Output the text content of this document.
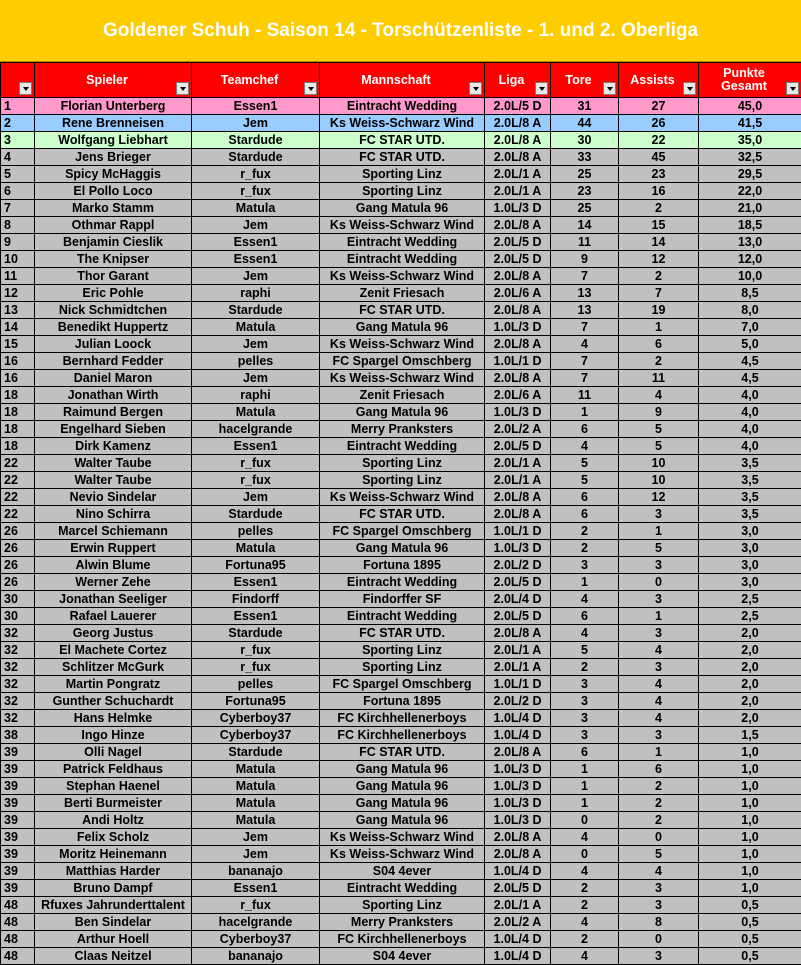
Goldener Schuh - Saison 14 - Torschützenliste - 1. und 2. Oberliga
	Spieler	Teamchef	Mannschaft	Liga	Tore	Assists	Punkte Gesamt

1	Florian Unterberg	Essen1	Eintracht Wedding	2.0L/5 D	31	27	45,0
2	Rene Brenneisen	Jem	Ks Weiss-Schwarz Wind	2.0L/8 A	44	26	41,5
3	Wolfgang Liebhart	Stardude	FC STAR UTD.	2.0L/8 A	30	22	35,0
4	Jens Brieger	Stardude	FC STAR UTD.	2.0L/8 A	33	45	32,5
5	Spicy McHaggis	r_fux	Sporting Linz	2.0L/1 A	25	23	29,5
6	El Pollo Loco	r_fux	Sporting Linz	2.0L/1 A	23	16	22,0
7	Marko Stamm	Matula	Gang Matula 96	1.0L/3 D	25	2	21,0
8	Othmar Rappl	Jem	Ks Weiss-Schwarz Wind	2.0L/8 A	14	15	18,5
9	Benjamin Cieslik	Essen1	Eintracht Wedding	2.0L/5 D	11	14	13,0
10	The Knipser	Essen1	Eintracht Wedding	2.0L/5 D	9	12	12,0
11	Thor Garant	Jem	Ks Weiss-Schwarz Wind	2.0L/8 A	7	2	10,0
12	Eric Pohle	raphi	Zenit Friesach	2.0L/6 A	13	7	8,5
13	Nick Schmidtchen	Stardude	FC STAR UTD.	2.0L/8 A	13	19	8,0
14	Benedikt Huppertz	Matula	Gang Matula 96	1.0L/3 D	7	1	7,0
15	Julian Loock	Jem	Ks Weiss-Schwarz Wind	2.0L/8 A	4	6	5,0
16	Bernhard Fedder	pelles	FC Spargel Omschberg	1.0L/1 D	7	2	4,5
16	Daniel Maron	Jem	Ks Weiss-Schwarz Wind	2.0L/8 A	7	11	4,5
18	Jonathan Wirth	raphi	Zenit Friesach	2.0L/6 A	11	4	4,0
18	Raimund Bergen	Matula	Gang Matula 96	1.0L/3 D	1	9	4,0
18	Engelhard Sieben	hacelgrande	Merry Pranksters	2.0L/2 A	6	5	4,0
18	Dirk Kamenz	Essen1	Eintracht Wedding	2.0L/5 D	4	5	4,0
22	Walter Taube	r_fux	Sporting Linz	2.0L/1 A	5	10	3,5
22	Walter Taube	r_fux	Sporting Linz	2.0L/1 A	5	10	3,5
22	Nevio Sindelar	Jem	Ks Weiss-Schwarz Wind	2.0L/8 A	6	12	3,5
22	Nino Schirra	Stardude	FC STAR UTD.	2.0L/8 A	6	3	3,5
26	Marcel Schiemann	pelles	FC Spargel Omschberg	1.0L/1 D	2	1	3,0
26	Erwin Ruppert	Matula	Gang Matula 96	1.0L/3 D	2	5	3,0
26	Alwin Blume	Fortuna95	Fortuna 1895	2.0L/2 D	3	3	3,0
26	Werner Zehe	Essen1	Eintracht Wedding	2.0L/5 D	1	0	3,0
30	Jonathan Seeliger	Findorff	Findorffer SF	2.0L/4 D	4	3	2,5
30	Rafael Lauerer	Essen1	Eintracht Wedding	2.0L/5 D	6	1	2,5
32	Georg Justus	Stardude	FC STAR UTD.	2.0L/8 A	4	3	2,0
32	El Machete Cortez	r_fux	Sporting Linz	2.0L/1 A	5	4	2,0
32	Schlitzer McGurk	r_fux	Sporting Linz	2.0L/1 A	2	3	2,0
32	Martin Pongratz	pelles	FC Spargel Omschberg	1.0L/1 D	3	4	2,0
32	Gunther Schuchardt	Fortuna95	Fortuna 1895	2.0L/2 D	3	4	2,0
32	Hans Helmke	Cyberboy37	FC Kirchhellenerboys	1.0L/4 D	3	4	2,0
38	Ingo Hinze	Cyberboy37	FC Kirchhellenerboys	1.0L/4 D	3	3	1,5
39	Olli Nagel	Stardude	FC STAR UTD.	2.0L/8 A	6	1	1,0
39	Patrick Feldhaus	Matula	Gang Matula 96	1.0L/3 D	1	6	1,0
39	Stephan Haenel	Matula	Gang Matula 96	1.0L/3 D	1	2	1,0
39	Berti Burmeister	Matula	Gang Matula 96	1.0L/3 D	1	2	1,0
39	Andi Holtz	Matula	Gang Matula 96	1.0L/3 D	0	2	1,0
39	Felix Scholz	Jem	Ks Weiss-Schwarz Wind	2.0L/8 A	4	0	1,0
39	Moritz Heinemann	Jem	Ks Weiss-Schwarz Wind	2.0L/8 A	0	5	1,0
39	Matthias Harder	bananajo	S04 4ever	1.0L/4 D	4	4	1,0
39	Bruno Dampf	Essen1	Eintracht Wedding	2.0L/5 D	2	3	1,0
48	Rfuxes Jahrunderttalent	r_fux	Sporting Linz	2.0L/1 A	2	3	0,5
48	Ben Sindelar	hacelgrande	Merry Pranksters	2.0L/2 A	4	8	0,5
48	Arthur Hoell	Cyberboy37	FC Kirchhellenerboys	1.0L/4 D	2	0	0,5
48	Claas Neitzel	bananajo	S04 4ever	1.0L/4 D	4	3	0,5
